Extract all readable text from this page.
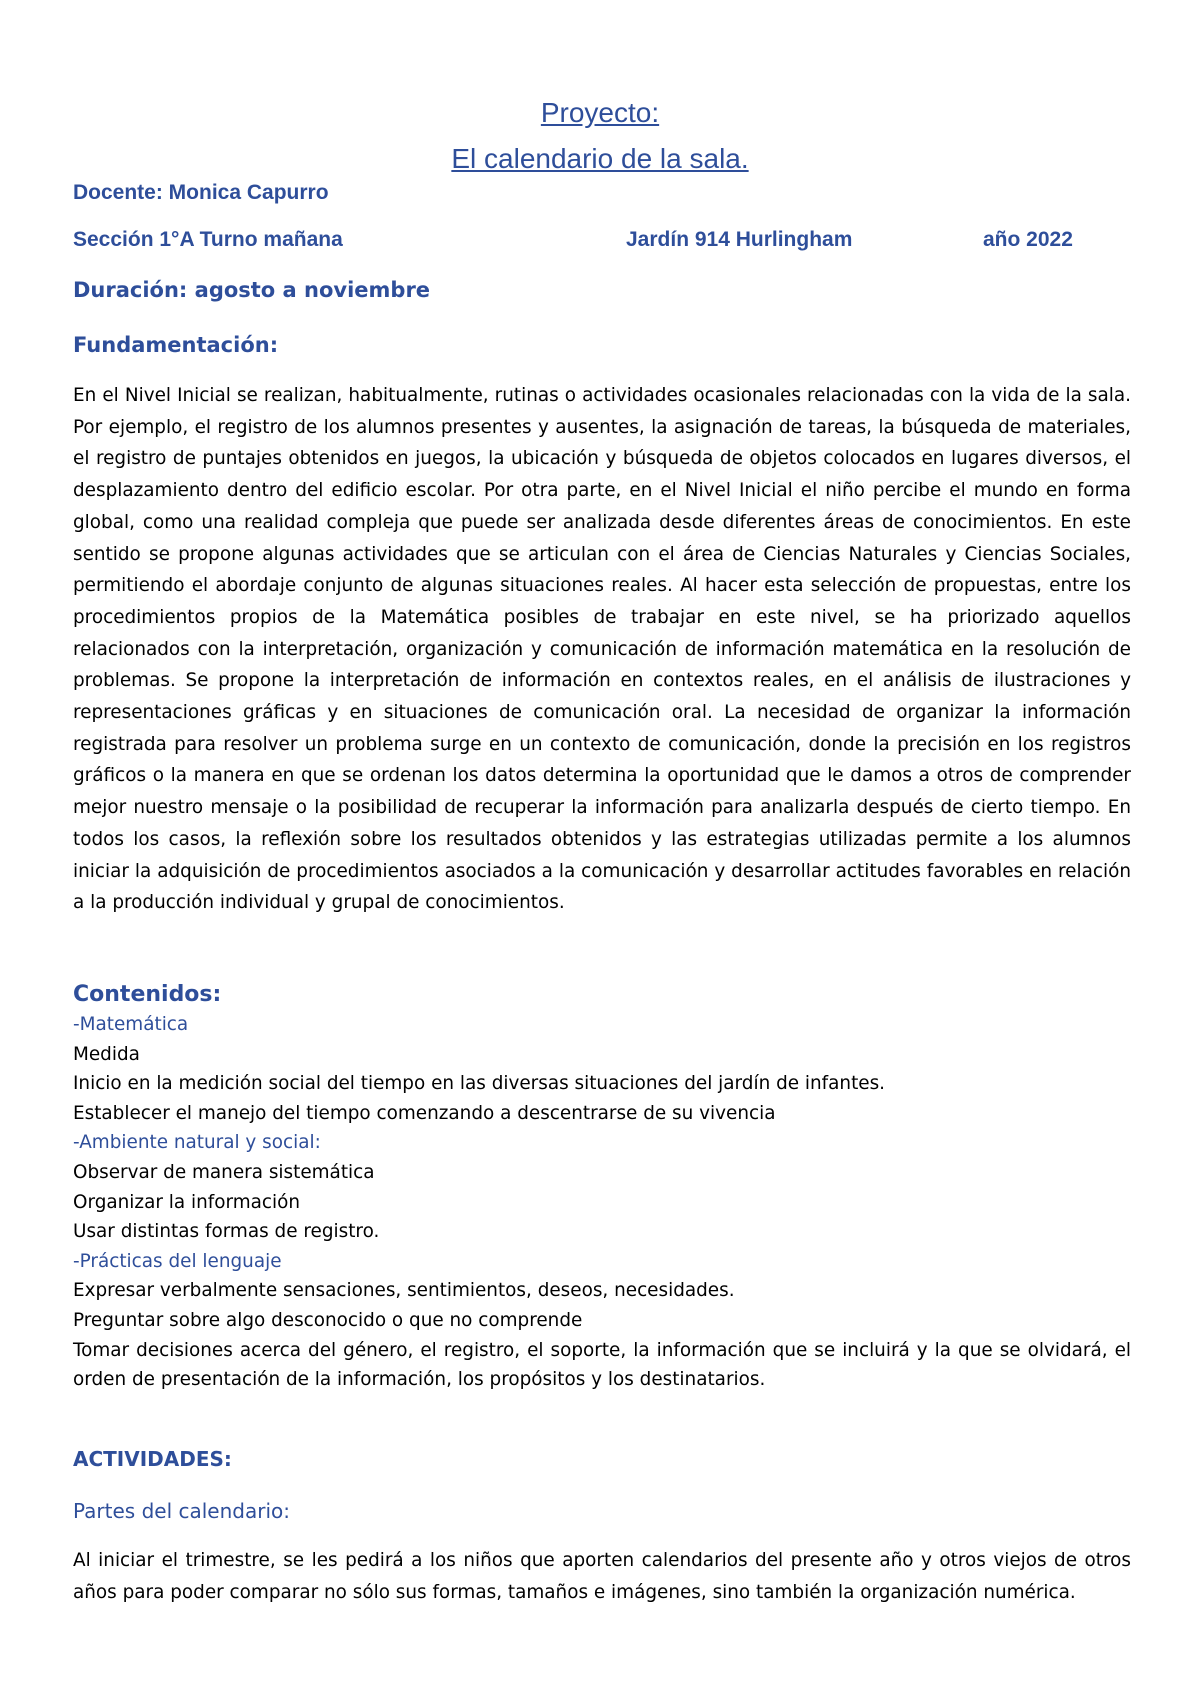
Proyecto:
El calendario de la sala.
Docente: Monica Capurro
Sección 1°A Turno mañana	Jardín 914 Hurlingham	año 2022
Duración: agosto a noviembre
Fundamentación:
En el Nivel Inicial se realizan, habitualmente, rutinas o actividades ocasionales relacionadas con la vida de la sala. Por ejemplo, el registro de los alumnos presentes y ausentes, la asignación de tareas, la búsqueda de materiales, el registro de puntajes obtenidos en juegos, la ubicación y búsqueda de objetos colocados en lugares diversos, el desplazamiento dentro del edificio escolar. Por otra parte, en el Nivel Inicial el niño percibe el mundo en forma global, como una realidad compleja que puede ser analizada desde diferentes áreas de conocimientos. En este sentido se propone algunas actividades que se articulan con el área de Ciencias Naturales y Ciencias Sociales, permitiendo el abordaje conjunto de algunas situaciones reales. Al hacer esta selección de propuestas, entre los procedimientos propios de la Matemática posibles de trabajar en este nivel, se ha priorizado aquellos relacionados con la interpretación, organización y comunicación de información matemática en la resolución de problemas. Se propone la interpretación de información en contextos reales, en el análisis de ilustraciones y representaciones gráficas y en situaciones de comunicación oral. La necesidad de organizar la información registrada para resolver un problema surge en un contexto de comunicación, donde la precisión en los registros gráficos o la manera en que se ordenan los datos determina la oportunidad que le damos a otros de comprender mejor nuestro mensaje o la posibilidad de recuperar la información para analizarla después de cierto tiempo. En todos los casos, la reflexión sobre los resultados obtenidos y las estrategias utilizadas permite a los alumnos iniciar la adquisición de procedimientos asociados a la comunicación y desarrollar actitudes favorables en relación a la producción individual y grupal de conocimientos.
Contenidos:
-Matemática
Medida
Inicio en la medición social del tiempo en las diversas situaciones del jardín de infantes.
Establecer el manejo del tiempo comenzando a descentrarse de su vivencia
-Ambiente natural y social:
Observar de manera sistemática
Organizar la información
Usar distintas formas de registro.
-Prácticas del lenguaje
Expresar verbalmente sensaciones, sentimientos, deseos, necesidades.
Preguntar sobre algo desconocido o que no comprende
Tomar decisiones acerca del género, el registro, el soporte, la información que se incluirá y la que se olvidará, el orden de presentación de la información, los propósitos y los destinatarios.
ACTIVIDADES:
Partes del calendario:
Al iniciar el trimestre, se les pedirá a los niños que aporten calendarios del presente año y otros viejos de otros años para poder comparar no sólo sus formas, tamaños e imágenes, sino también la organización numérica.
